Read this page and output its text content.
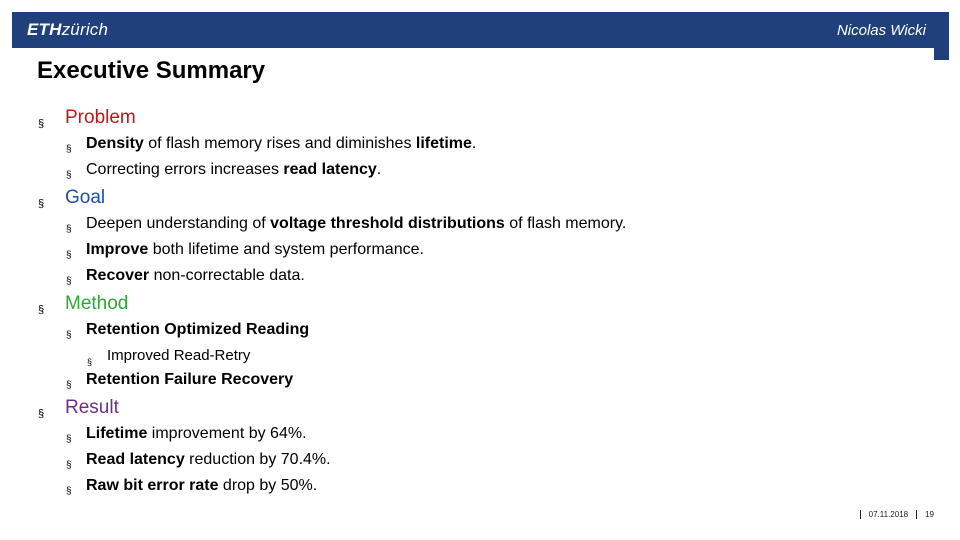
ETHzürich	Nicolas Wicki
Executive Summary
§ Problem
§ Density of flash memory rises and diminishes lifetime.
§ Correcting errors increases read latency.
§ Goal
§ Deepen understanding of voltage threshold distributions of flash memory.
§ Improve both lifetime and system performance.
§ Recover non-correctable data.
§ Method
§ Retention Optimized Reading
§ Improved Read-Retry
§ Retention Failure Recovery
§ Result
§ Lifetime improvement by 64%.
§ Read latency reduction by 70.4%.
§ Raw bit error rate drop by 50%.
07.11.2018 19
